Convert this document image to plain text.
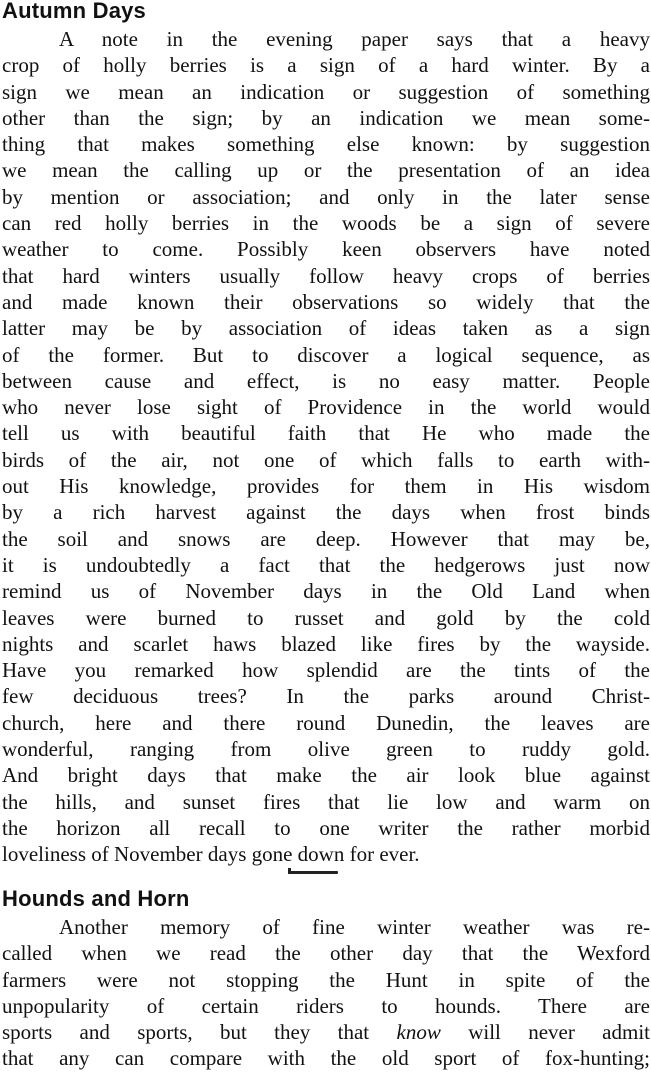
Autumn Days
A note in the evening paper says that a heavy
crop of holly berries is a sign of a hard winter. By a
sign we mean an indication or suggestion of something
other than the sign; by an indication we mean some-
thing that makes something else known: by suggestion
we mean the calling up or the presentation of an idea
by mention or association; and only in the later sense
can red holly berries in the woods be a sign of severe
weather to come. Possibly keen observers have noted
that hard winters usually follow heavy crops of berries
and made known their observations so widely that the
latter may be by association of ideas taken as a sign
of the former. But to discover a logical sequence, as
between cause and effect, is no easy matter. People
who never lose sight of Providence in the world would
tell us with beautiful faith that He who made the
birds of the air, not one of which falls to earth with-
out His knowledge, provides for them in His wisdom
by a rich harvest against the days when frost binds
the soil and snows are deep. However that may be,
it is undoubtedly a fact that the hedgerows just now
remind us of November days in the Old Land when
leaves were burned to russet and gold by the cold
nights and scarlet haws blazed like fires by the wayside.
Have you remarked how splendid are the tints of the
few deciduous trees? In the parks around Christ-
church, here and there round Dunedin, the leaves are
wonderful, ranging from olive green to ruddy gold.
And bright days that make the air look blue against
the hills, and sunset fires that lie low and warm on
the horizon all recall to one writer the rather morbid
loveliness of November days gone down for ever.
Hounds and Horn
Another memory of fine winter weather was re-
called when we read the other day that the Wexford
farmers were not stopping the Hunt in spite of the
unpopularity of certain riders to hounds. There are
sports and sports, but they that know will never admit
that any can compare with the old sport of fox-hunting;
